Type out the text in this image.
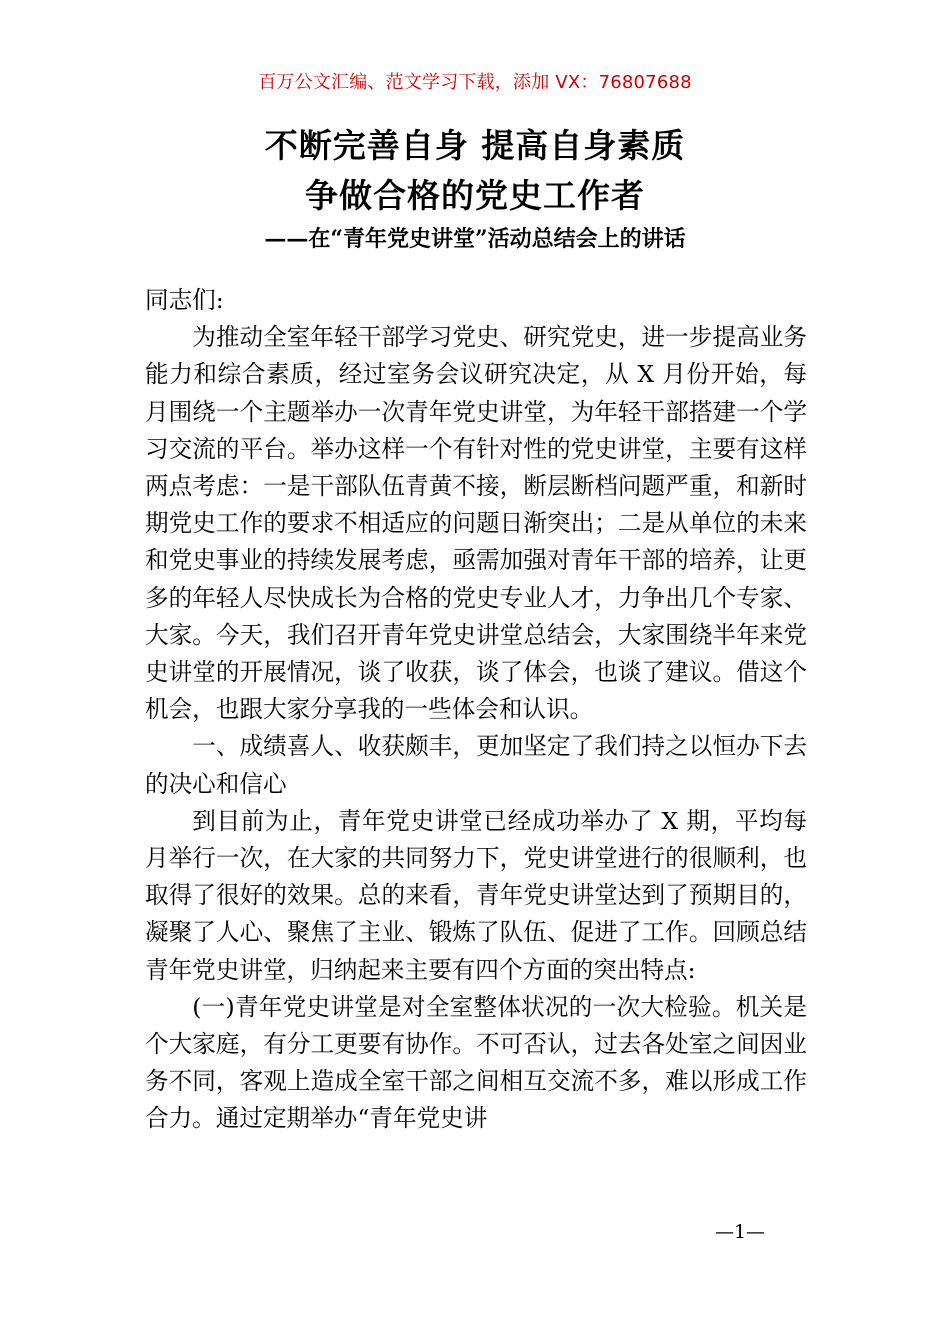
百万公文汇编、范文学习下载，添加 VX：76807688
不断完善自身 提高自身素质
争做合格的党史工作者
——在“青年党史讲堂”活动总结会上的讲话

同志们:

为推动全室年轻干部学习党史、研究党史，进一步提高业务能力和综合素质，经过室务会议研究决定，从 X 月份开始，每月围绕一个主题举办一次青年党史讲堂，为年轻干部搭建一个学习交流的平台。举办这样一个有针对性的党史讲堂，主要有这样两点考虑：一是干部队伍青黄不接，断层断档问题严重，和新时期党史工作的要求不相适应的问题日渐突出；二是从单位的未来和党史事业的持续发展考虑，亟需加强对青年干部的培养，让更多的年轻人尽快成长为合格的党史专业人才，力争出几个专家、大家。今天，我们召开青年党史讲堂总结会，大家围绕半年来党史讲堂的开展情况，谈了收获，谈了体会，也谈了建议。借这个机会，也跟大家分享我的一些体会和认识。

一、成绩喜人、收获颇丰，更加坚定了我们持之以恒办下去的决心和信心

到目前为止，青年党史讲堂已经成功举办了 X 期，平均每月举行一次，在大家的共同努力下，党史讲堂进行的很顺利，也取得了很好的效果。总的来看，青年党史讲堂达到了预期目的，凝聚了人心、聚焦了主业、锻炼了队伍、促进了工作。回顾总结青年党史讲堂，归纳起来主要有四个方面的突出特点:

(一)青年党史讲堂是对全室整体状况的一次大检验。机关是个大家庭，有分工更要有协作。不可否认，过去各处室之间因业务不同，客观上造成全室干部之间相互交流不多，难以形成工作合力。通过定期举办“青年党史讲

—1—
